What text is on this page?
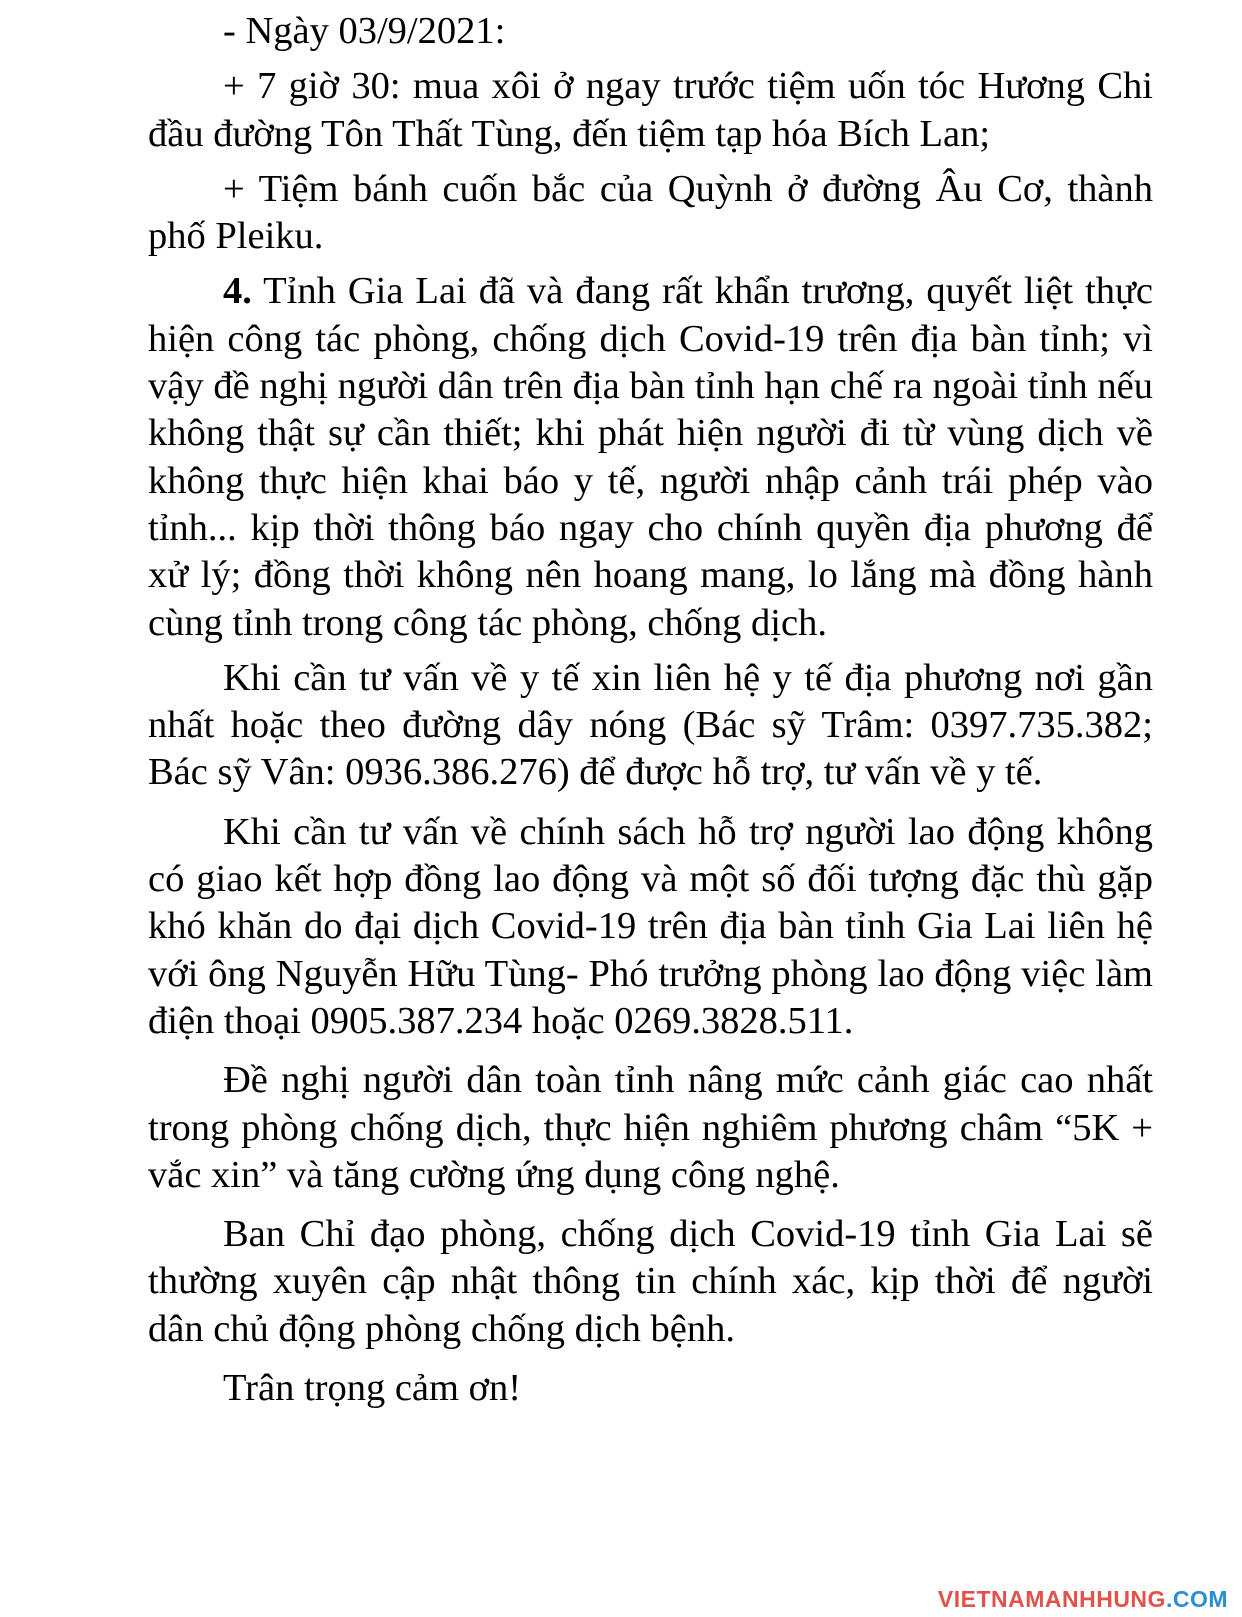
- Ngày 03/9/2021:

+ 7 giờ 30: mua xôi ở ngay trước tiệm uốn tóc Hương Chi đầu đường Tôn Thất Tùng, đến tiệm tạp hóa Bích Lan;

+ Tiệm bánh cuốn bắc của Quỳnh ở đường Âu Cơ, thành phố Pleiku.

4. Tỉnh Gia Lai đã và đang rất khẩn trương, quyết liệt thực hiện công tác phòng, chống dịch Covid-19 trên địa bàn tỉnh; vì vậy đề nghị người dân trên địa bàn tỉnh hạn chế ra ngoài tỉnh nếu không thật sự cần thiết; khi phát hiện người đi từ vùng dịch về không thực hiện khai báo y tế, người nhập cảnh trái phép vào tỉnh... kịp thời thông báo ngay cho chính quyền địa phương để xử lý; đồng thời không nên hoang mang, lo lắng mà đồng hành cùng tỉnh trong công tác phòng, chống dịch.

Khi cần tư vấn về y tế xin liên hệ y tế địa phương nơi gần nhất hoặc theo đường dây nóng (Bác sỹ Trâm: 0397.735.382; Bác sỹ Vân: 0936.386.276) để được hỗ trợ, tư vấn về y tế.

Khi cần tư vấn về chính sách hỗ trợ người lao động không có giao kết hợp đồng lao động và một số đối tượng đặc thù gặp khó khăn do đại dịch Covid-19 trên địa bàn tỉnh Gia Lai liên hệ với ông Nguyễn Hữu Tùng- Phó trưởng phòng lao động việc làm điện thoại 0905.387.234 hoặc 0269.3828.511.

Đề nghị người dân toàn tỉnh nâng mức cảnh giác cao nhất trong phòng chống dịch, thực hiện nghiêm phương châm “5K + vắc xin” và tăng cường ứng dụng công nghệ.

Ban Chỉ đạo phòng, chống dịch Covid-19 tỉnh Gia Lai sẽ thường xuyên cập nhật thông tin chính xác, kịp thời để người dân chủ động phòng chống dịch bệnh.

Trân trọng cảm ơn!

VIETNAMANHHUNG.COM
